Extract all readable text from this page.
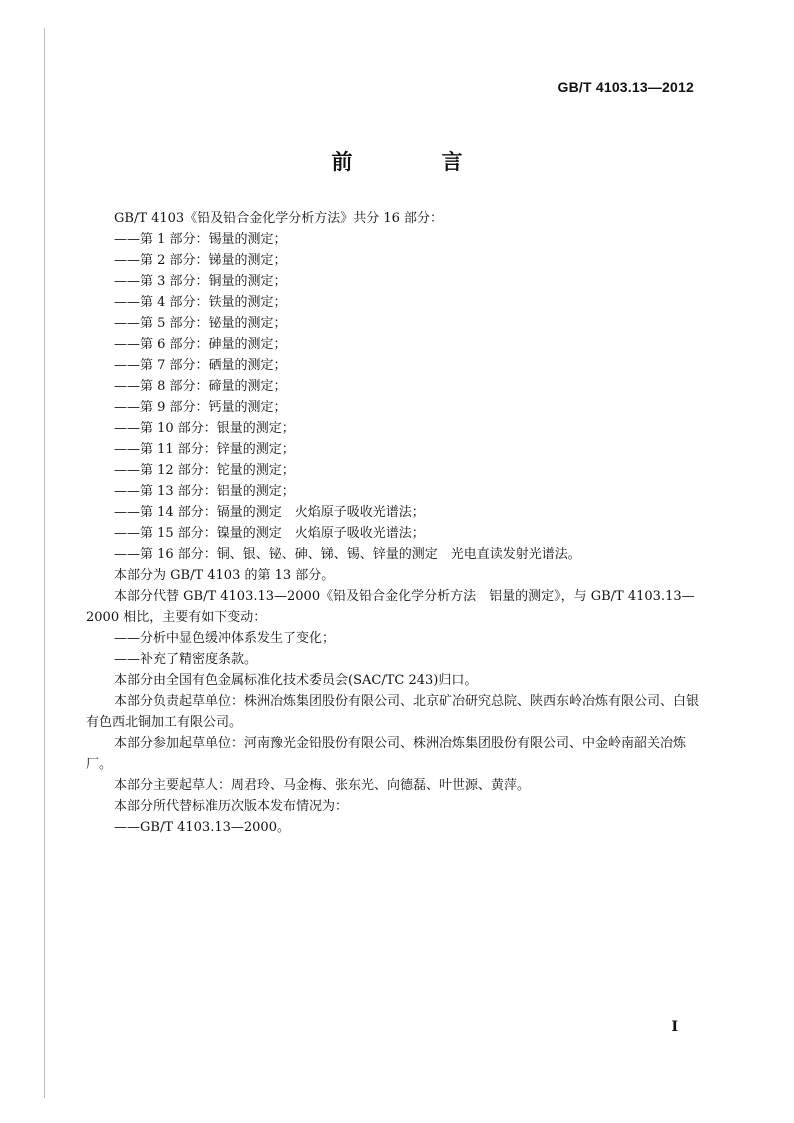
GB/T 4103.13—2012
前　言

GB/T 4103《铅及铅合金化学分析方法》共分 16 部分：

—— 第 1 部分：锡量的测定；

—— 第 2 部分：锑量的测定；

—— 第 3 部分：铜量的测定；

—— 第 4 部分：铁量的测定；

—— 第 5 部分：铋量的测定；

—— 第 6 部分：砷量的测定；

—— 第 7 部分：硒量的测定；

—— 第 8 部分：碲量的测定；

—— 第 9 部分：钙量的测定；

—— 第 10 部分：银量的测定；

—— 第 11 部分：锌量的测定；

—— 第 12 部分：铊量的测定；

—— 第 13 部分：铝量的测定；

—— 第 14 部分：镉量的测定　火焰原子吸收光谱法；

—— 第 15 部分：镍量的测定　火焰原子吸收光谱法；

—— 第 16 部分：铜、银、铋、砷、锑、锡、锌量的测定　光电直读发射光谱法。

本部分为 GB/T 4103 的第 13 部分。

本部分代替 GB/T 4103.13—2000《铅及铅合金化学分析方法　铝量的测定》，与 GB/T 4103.13—2000 相比，主要有如下变动：

—— 分析中显色缓冲体系发生了变化；

—— 补充了精密度条款。

本部分由全国有色金属标准化技术委员会(SAC/TC 243)归口。

本部分负责起草单位：株洲冶炼集团股份有限公司、北京矿冶研究总院、陕西东岭冶炼有限公司、白银有色西北铜加工有限公司。

本部分参加起草单位：河南豫光金铅股份有限公司、株洲冶炼集团股份有限公司、中金岭南韶关冶炼厂。

本部分主要起草人：周君玲、马金梅、张东光、向德磊、叶世源、黄萍。

本部分所代替标准历次版本发布情况为：

—— GB/T 4103.13—2000。

I
